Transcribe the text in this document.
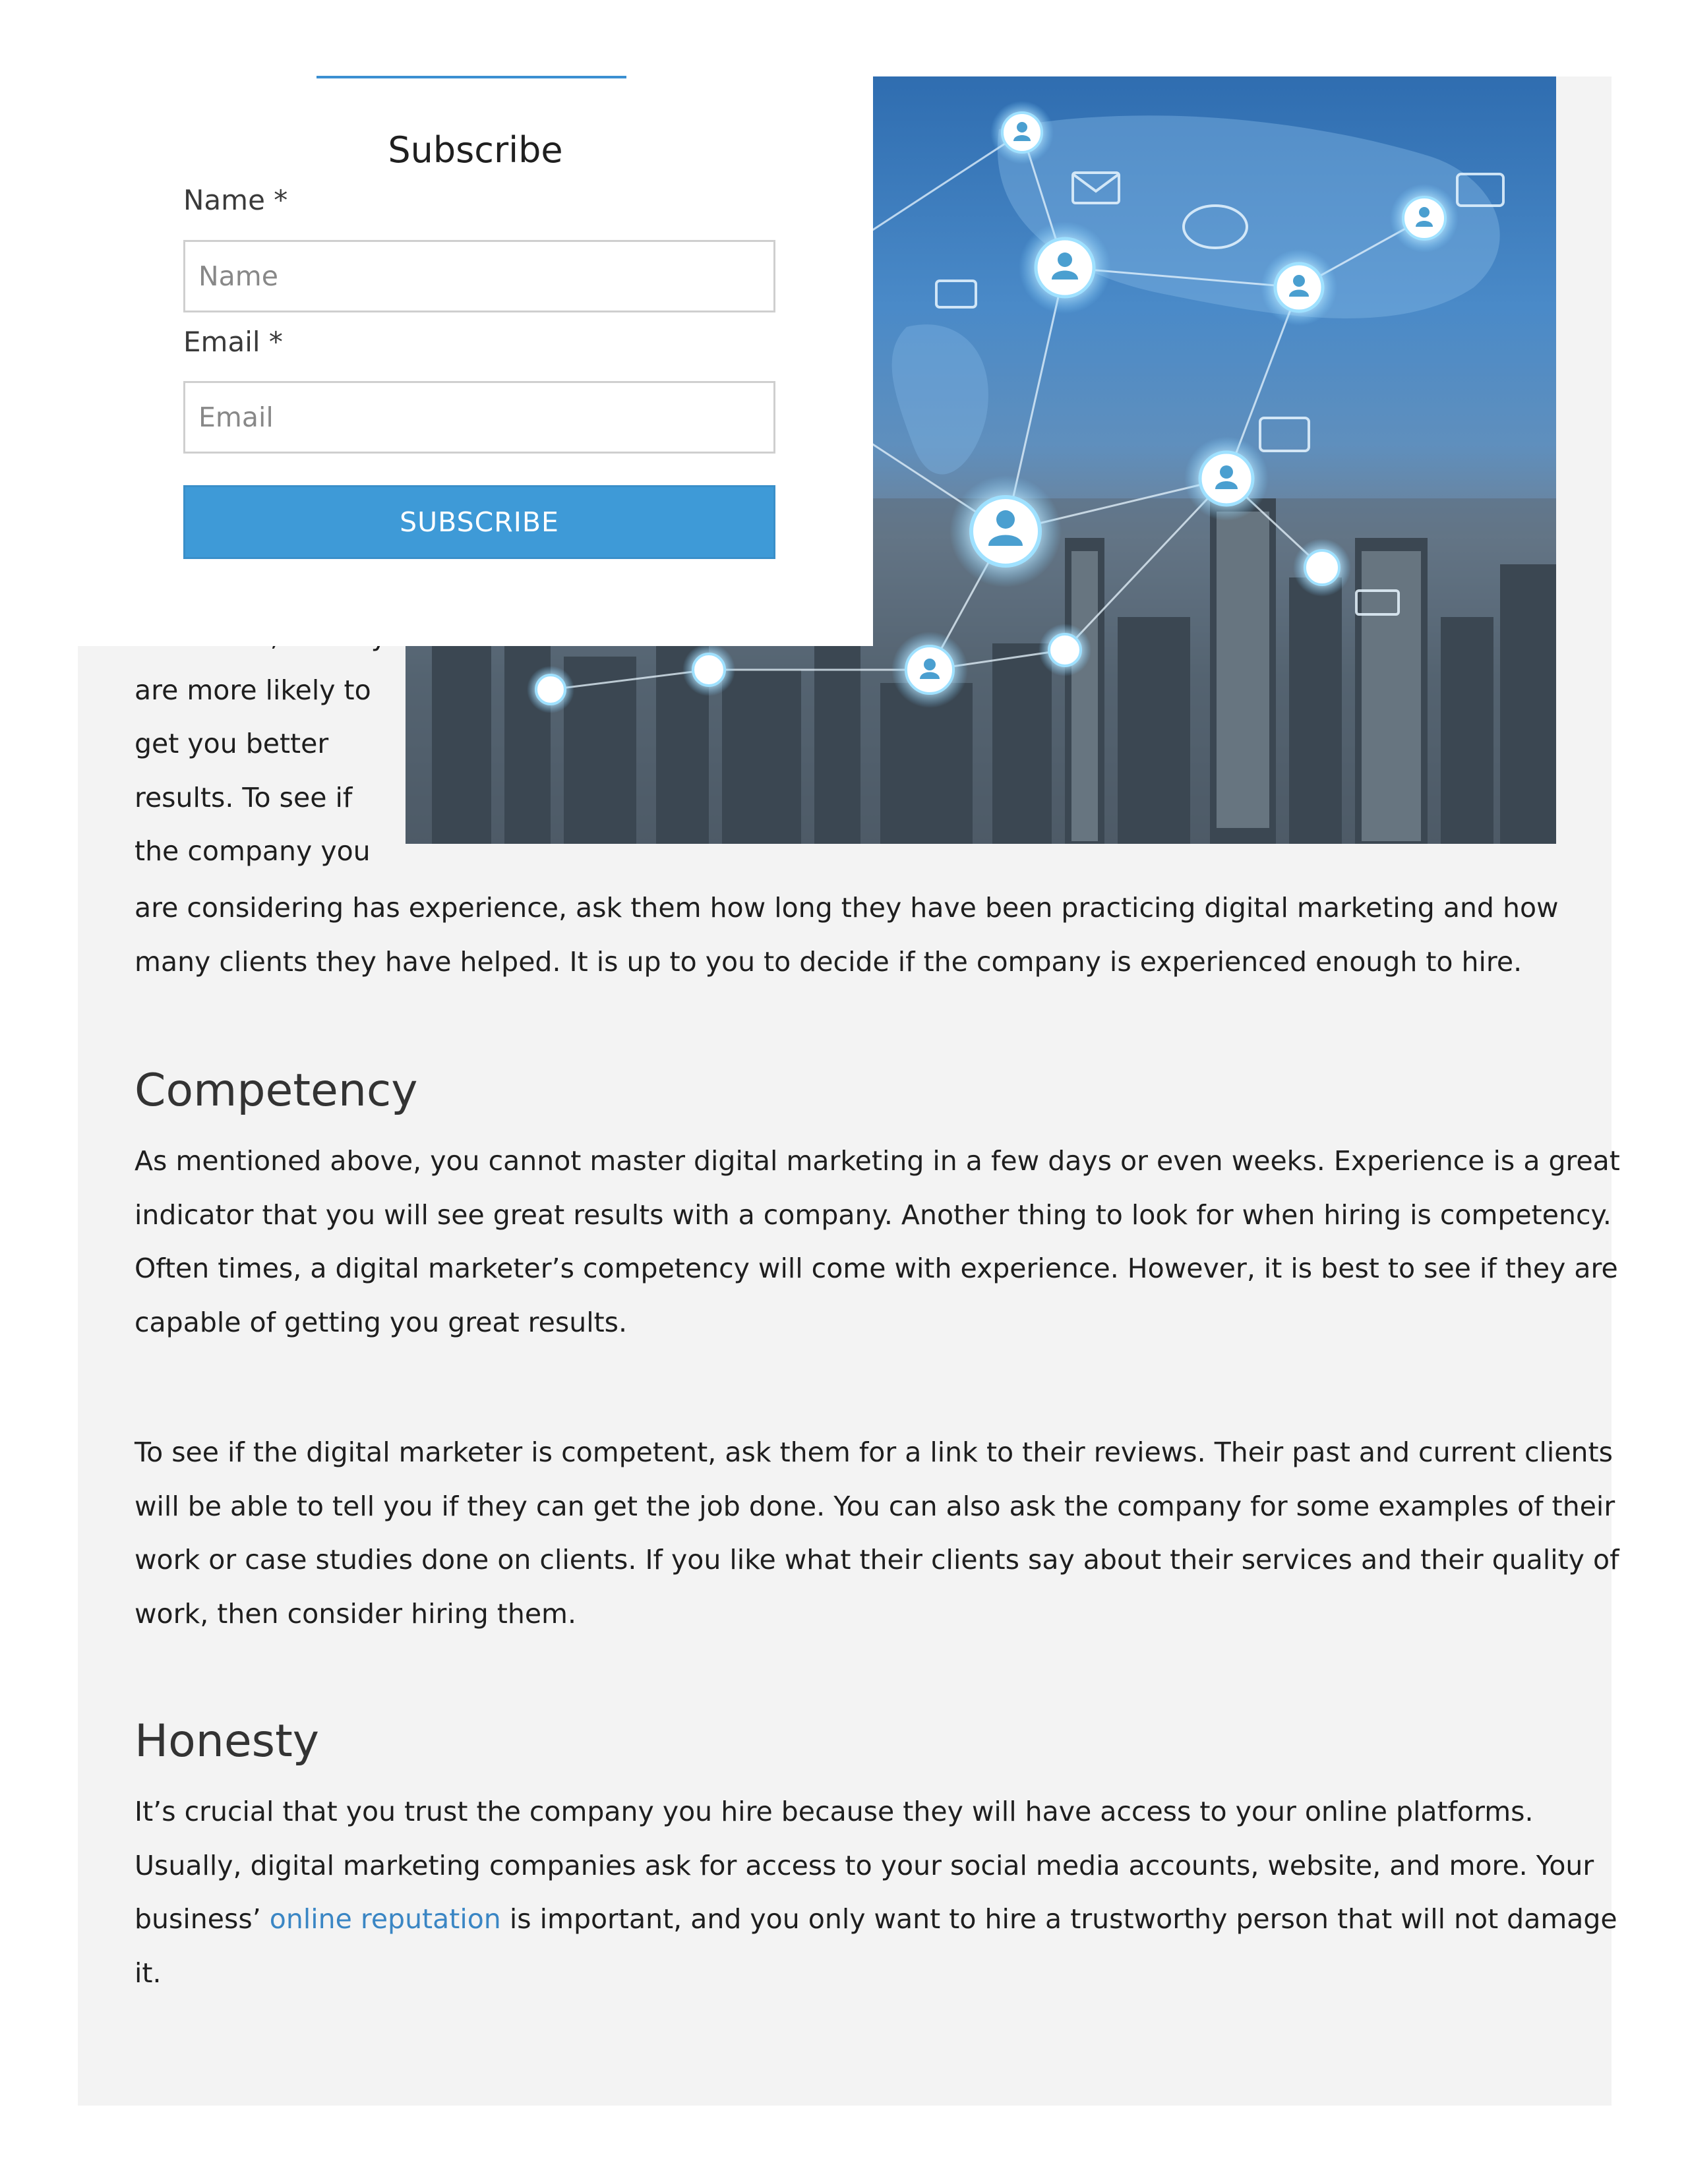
are more likely to
get you better
results. To see if
the company you
are considering has experience, ask them how long they have been practicing digital marketing and how
many clients they have helped. It is up to you to decide if the company is experienced enough to hire.
Competency
As mentioned above, you cannot master digital marketing in a few days or even weeks. Experience is a great
indicator that you will see great results with a company. Another thing to look for when hiring is competency.
Often times, a digital marketer’s competency will come with experience. However, it is best to see if they are
capable of getting you great results.
To see if the digital marketer is competent, ask them for a link to their reviews. Their past and current clients
will be able to tell you if they can get the job done. You can also ask the company for some examples of their
work or case studies done on clients. If you like what their clients say about their services and their quality of
work, then consider hiring them.
Honesty
It’s crucial that you trust the company you hire because they will have access to your online platforms.
Usually, digital marketing companies ask for access to your social media accounts, website, and more. Your
business’ online reputation is important, and you only want to hire a trustworthy person that will not damage
it.
Subscribe
Name *
Name
Email *
Email
SUBSCRIBE
